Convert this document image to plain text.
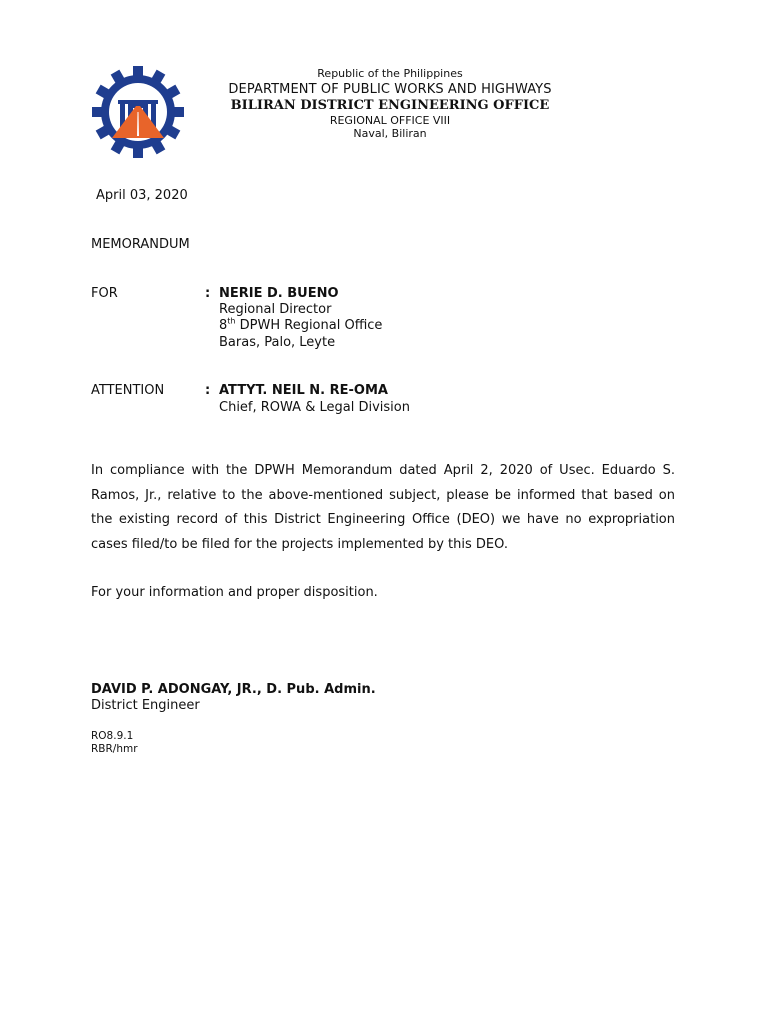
Republic of the Philippines
DEPARTMENT OF PUBLIC WORKS AND HIGHWAYS
BILIRAN DISTRICT ENGINEERING OFFICE
REGIONAL OFFICE VIII
Naval, Biliran
April 03, 2020
MEMORANDUM
FOR	: NERIE D. BUENO
Regional Director
8th DPWH Regional Office
Baras, Palo, Leyte
ATTENTION	: ATTYT. NEIL N. RE-OMA
Chief, ROWA & Legal Division
In compliance with the DPWH Memorandum dated April 2, 2020 of Usec. Eduardo S. Ramos, Jr., relative to the above-mentioned subject, please be informed that based on the existing record of this District Engineering Office (DEO) we have no expropriation cases filed/to be filed for the projects implemented by this DEO.
For your information and proper disposition.
DAVID P. ADONGAY, JR., D. Pub. Admin.
District Engineer
RO8.9.1
RBR/hmr
